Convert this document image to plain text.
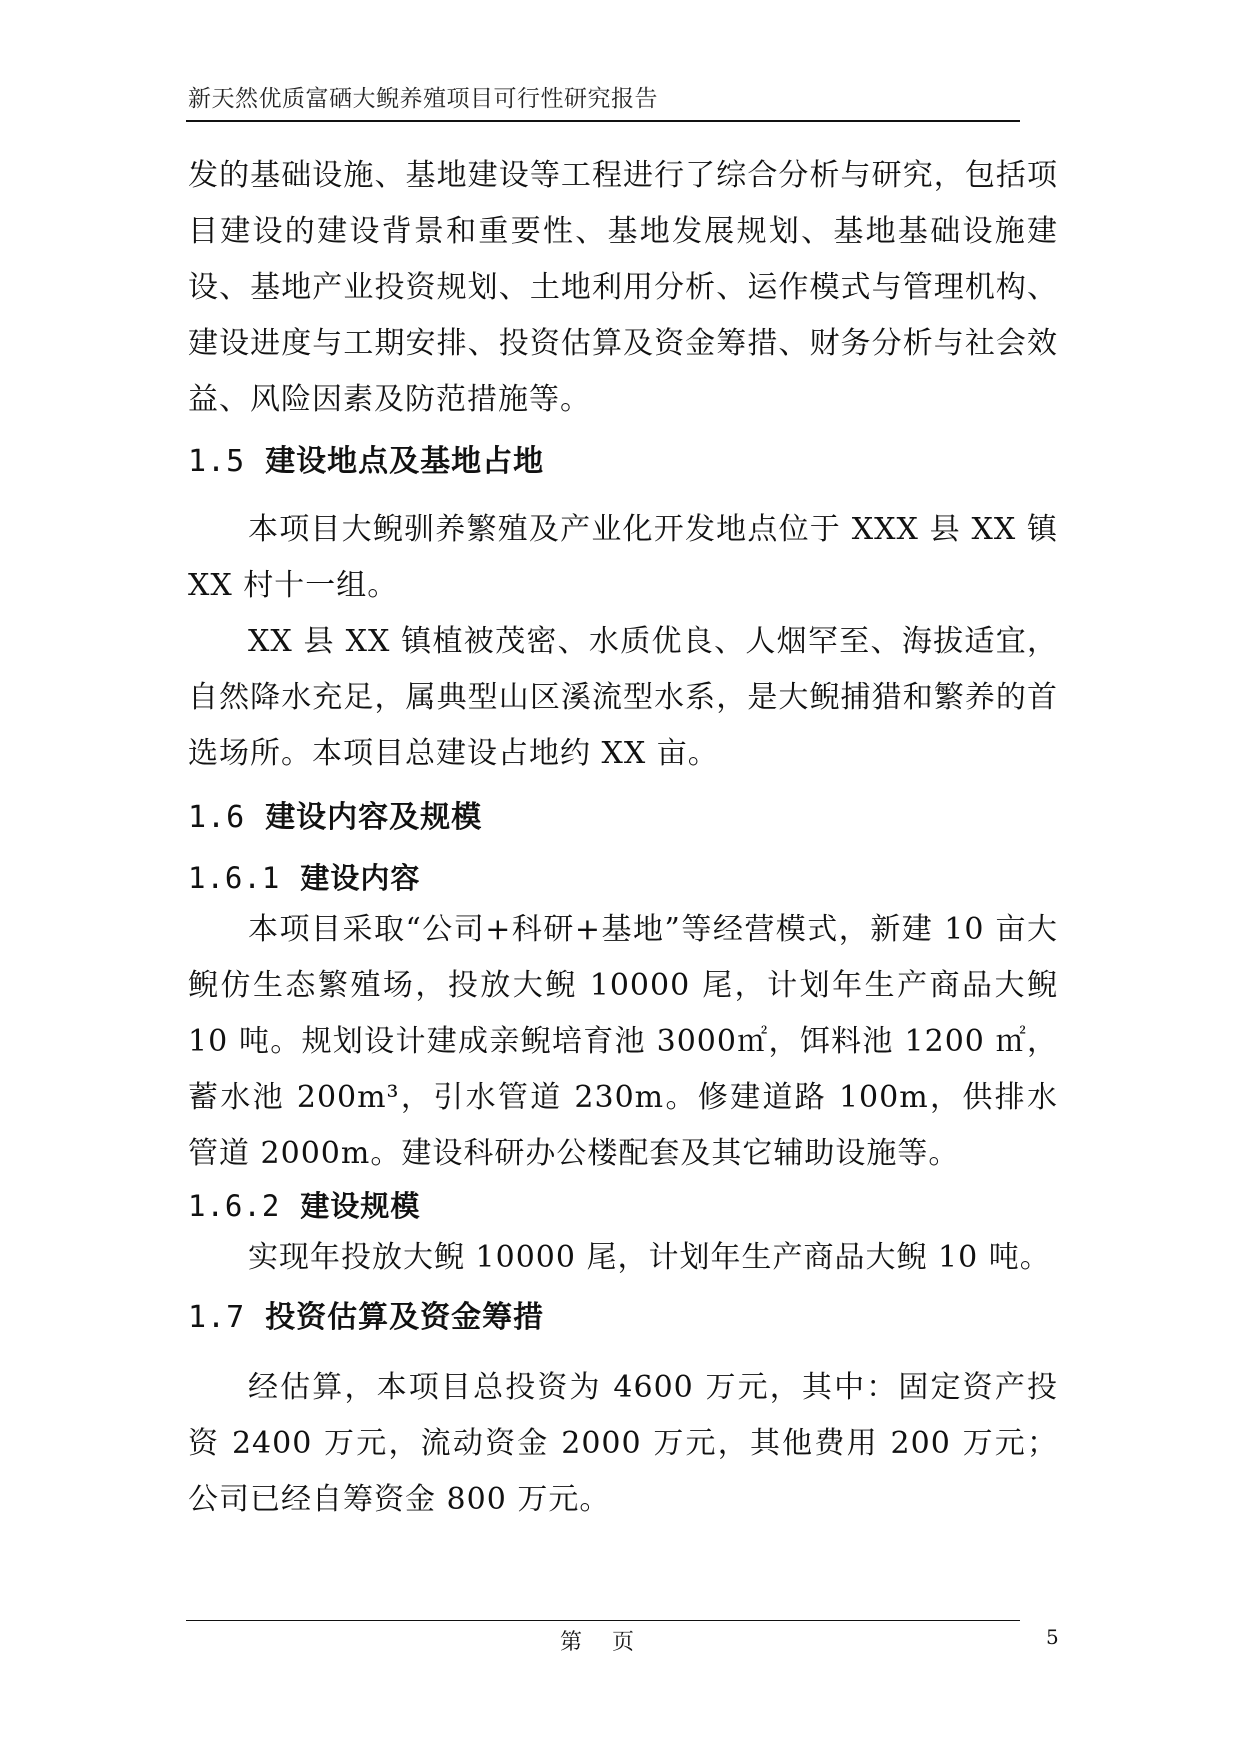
新天然优质富硒大鲵养殖项目可行性研究报告

发的基础设施、基地建设等工程进行了综合分析与研究，包括项目建设的建设背景和重要性、基地发展规划、基地基础设施建设、基地产业投资规划、土地利用分析、运作模式与管理机构、建设进度与工期安排、投资估算及资金筹措、财务分析与社会效益、风险因素及防范措施等。

1.5 建设地点及基地占地

本项目大鲵驯养繁殖及产业化开发地点位于 XXX 县 XX 镇 XX 村十一组。

XX 县 XX 镇植被茂密、水质优良、人烟罕至、海拔适宜，自然降水充足，属典型山区溪流型水系，是大鲵捕猎和繁养的首选场所。本项目总建设占地约 XX 亩。

1.6 建设内容及规模
1.6.1 建设内容

本项目采取“公司+科研+基地”等经营模式，新建 10 亩大鲵仿生态繁殖场，投放大鲵 10000 尾，计划年生产商品大鲵 10 吨。规划设计建成亲鲵培育池 3000㎡，饵料池 1200 ㎡，蓄水池 200m³，引水管道 230m。修建道路 100m，供排水管道 2000m。建设科研办公楼配套及其它辅助设施等。

1.6.2 建设规模

实现年投放大鲵 10000 尾，计划年生产商品大鲵 10 吨。

1.7 投资估算及资金筹措

经估算，本项目总投资为 4600 万元，其中：固定资产投资 2400 万元，流动资金 2000 万元，其他费用 200 万元；公司已经自筹资金 800 万元。

第 页	5
